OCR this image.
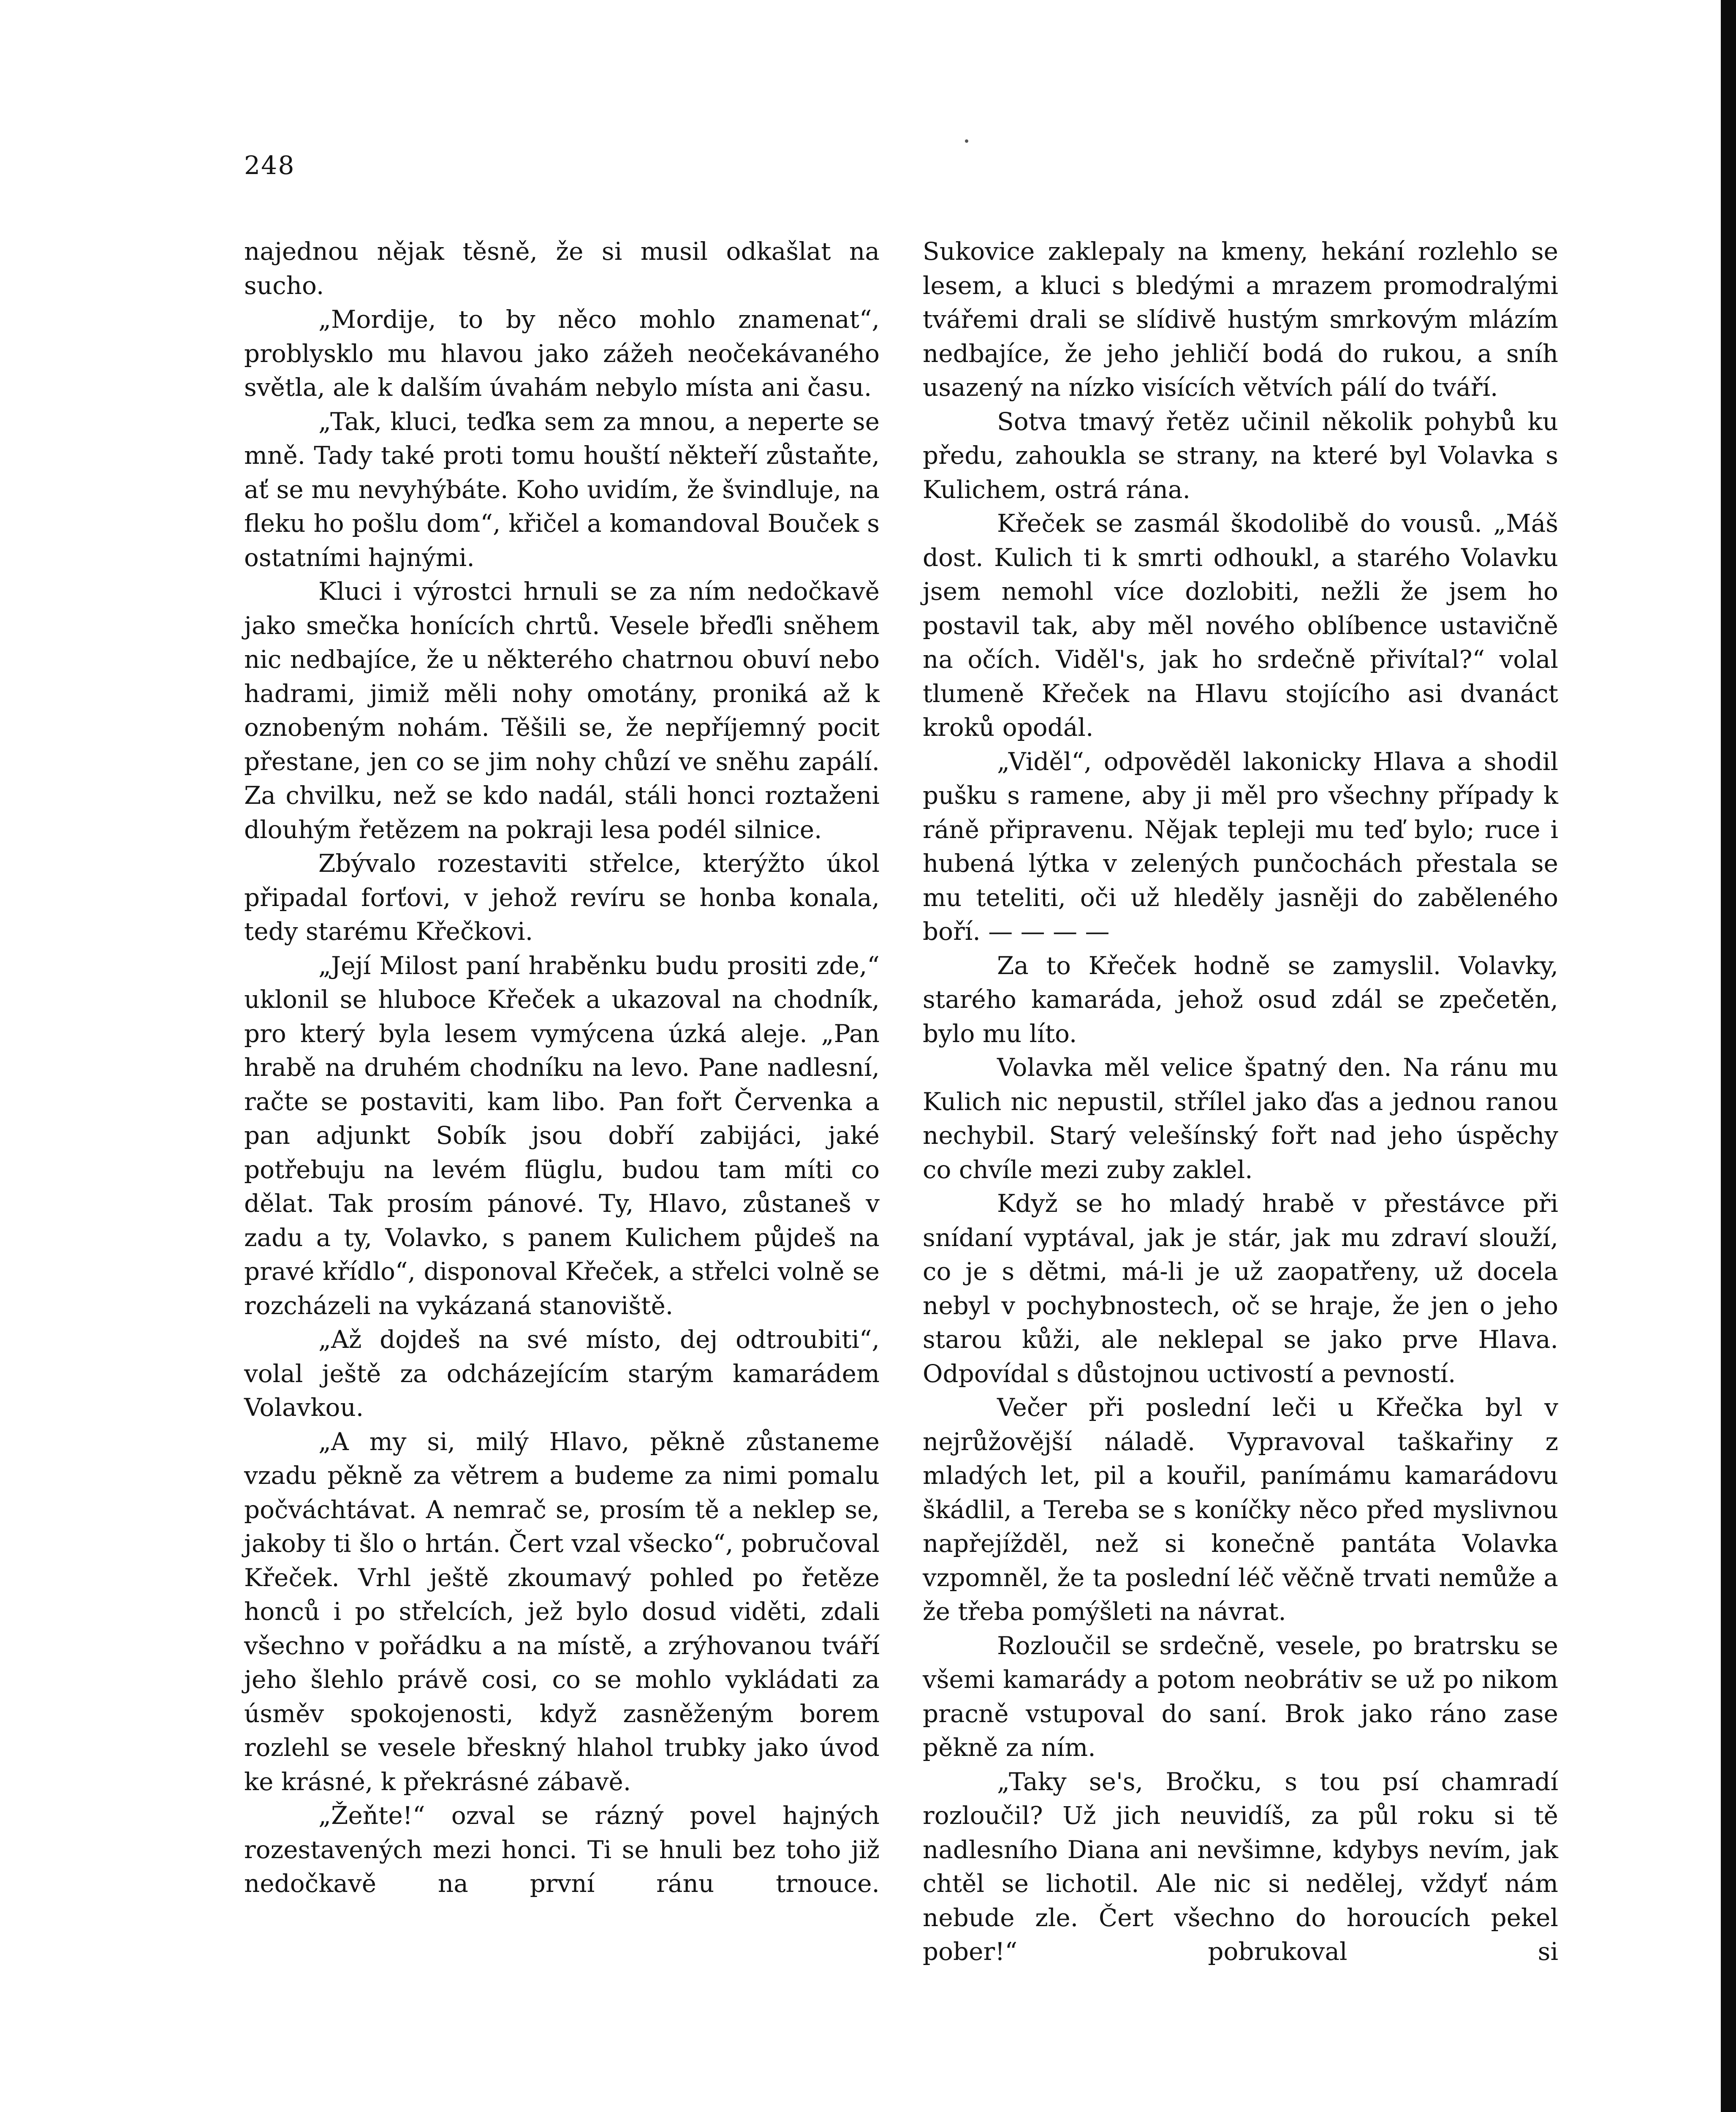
248

najednou nějak těsně, že si musil odkašlat na sucho.

„Mordije, to by něco mohlo znamenat“, problysklo mu hlavou jako zážeh neočekávaného světla, ale k dalším úvahám nebylo místa ani času.

„Tak, kluci, teďka sem za mnou, a neperte se mně. Tady také proti tomu houští někteří zůstaňte, ať se mu nevyhýbáte. Koho uvidím, že švindluje, na fleku ho pošlu dom“, křičel a komandoval Bouček s ostatními hajnými.

Kluci i výrostci hrnuli se za ním nedočkavě jako smečka honících chrtů. Vesele břeďli sněhem nic nedbajíce, že u některého chatrnou obuví nebo hadrami, jimiž měli nohy omotány, proniká až k oznobeným nohám. Těšili se, že nepříjemný pocit přestane, jen co se jim nohy chůzí ve sněhu zapálí. Za chvilku, než se kdo nadál, stáli honci roztaženi dlouhým řetězem na pokraji lesa podél silnice.

Zbývalo rozestaviti střelce, kterýžto úkol připadal forťovi, v jehož revíru se honba konala, tedy starému Křečkovi.

„Její Milost paní hraběnku budu prositi zde,“ uklonil se hluboce Křeček a ukazoval na chodník, pro který byla lesem vymýcena úzká aleje. „Pan hrabě na druhém chodníku na levo. Pane nadlesní, račte se postaviti, kam libo. Pan fořt Červenka a pan adjunkt Sobík jsou dobří zabijáci, jaké potřebuju na levém flüglu, budou tam míti co dělat. Tak prosím pánové. Ty, Hlavo, zůstaneš v zadu a ty, Volavko, s panem Kulichem půjdeš na pravé křídlo“, disponoval Křeček, a střelci volně se rozcházeli na vykázaná stanoviště.

„Až dojdeš na své místo, dej odtroubiti“, volal ještě za odcházejícím starým kamarádem Volavkou.

„A my si, milý Hlavo, pěkně zůstaneme vzadu pěkně za větrem a budeme za nimi pomalu počváchtávat. A nemrač se, prosím tě a neklep se, jakoby ti šlo o hrtán. Čert vzal všecko“, pobručoval Křeček. Vrhl ještě zkoumavý pohled po řetěze honců i po střelcích, jež bylo dosud viděti, zdali všechno v pořádku a na místě, a zrýhovanou tváří jeho šlehlo právě cosi, co se mohlo vykládati za úsměv spokojenosti, když zasněženým borem rozlehl se vesele břeskný hlahol trubky jako úvod ke krásné, k překrásné zábavě.

„Žeňte!“ ozval se rázný povel hajných rozestavených mezi honci. Ti se hnuli bez toho již nedočkavě na první ránu trnouce.

Sukovice zaklepaly na kmeny, hekání rozlehlo se lesem, a kluci s bledými a mrazem promodralými tvářemi drali se slídivě hustým smrkovým mlázím nedbajíce, že jeho jehličí bodá do rukou, a sníh usazený na nízko visících větvích pálí do tváří.

Sotva tmavý řetěz učinil několik pohybů ku předu, zahoukla se strany, na které byl Volavka s Kulichem, ostrá rána.

Křeček se zasmál škodolibě do vousů. „Máš dost. Kulich ti k smrti odhoukl, a starého Volavku jsem nemohl více dozlobiti, nežli že jsem ho postavil tak, aby měl nového oblíbence ustavičně na očích. Viděl's, jak ho srdečně přivítal?“ volal tlumeně Křeček na Hlavu stojícího asi dvanáct kroků opodál.

„Viděl“, odpověděl lakonicky Hlava a shodil pušku s ramene, aby ji měl pro všechny případy k ráně připravenu. Nějak tepleji mu teď bylo; ruce i hubená lýtka v zelených punčochách přestala se mu teteliti, oči už hleděly jasněji do zaběleného boří. — — — —

Za to Křeček hodně se zamyslil. Volavky, starého kamaráda, jehož osud zdál se zpečetěn, bylo mu líto.

Volavka měl velice špatný den. Na ránu mu Kulich nic nepustil, střílel jako ďas a jednou ranou nechybil. Starý velešínský fořt nad jeho úspěchy co chvíle mezi zuby zaklel.

Když se ho mladý hrabě v přestávce při snídaní vyptával, jak je stár, jak mu zdraví slouží, co je s dětmi, má-li je už zaopatřeny, už docela nebyl v pochybnostech, oč se hraje, že jen o jeho starou kůži, ale neklepal se jako prve Hlava. Odpovídal s důstojnou uctivostí a pevností.

Večer při poslední leči u Křečka byl v nejrůžovější náladě. Vypravoval taškařiny z mladých let, pil a kouřil, panímámu kamarádovu škádlil, a Tereba se s koníčky něco před myslivnou napřejížděl, než si konečně pantáta Volavka vzpomněl, že ta poslední léč věčně trvati nemůže a že třeba pomýšleti na návrat.

Rozloučil se srdečně, vesele, po bratrsku se všemi kamarády a potom neobrátiv se už po nikom pracně vstupoval do saní. Brok jako ráno zase pěkně za ním.

„Taky se's, Bročku, s tou psí chamradí rozloučil? Už jich neuvidíš, za půl roku si tě nadlesního Diana ani nevšimne, kdybys nevím, jak chtěl se lichotil. Ale nic si nedělej, vždyť nám nebude zle. Čert všechno do horoucích pekel pober!“ pobrukoval si
